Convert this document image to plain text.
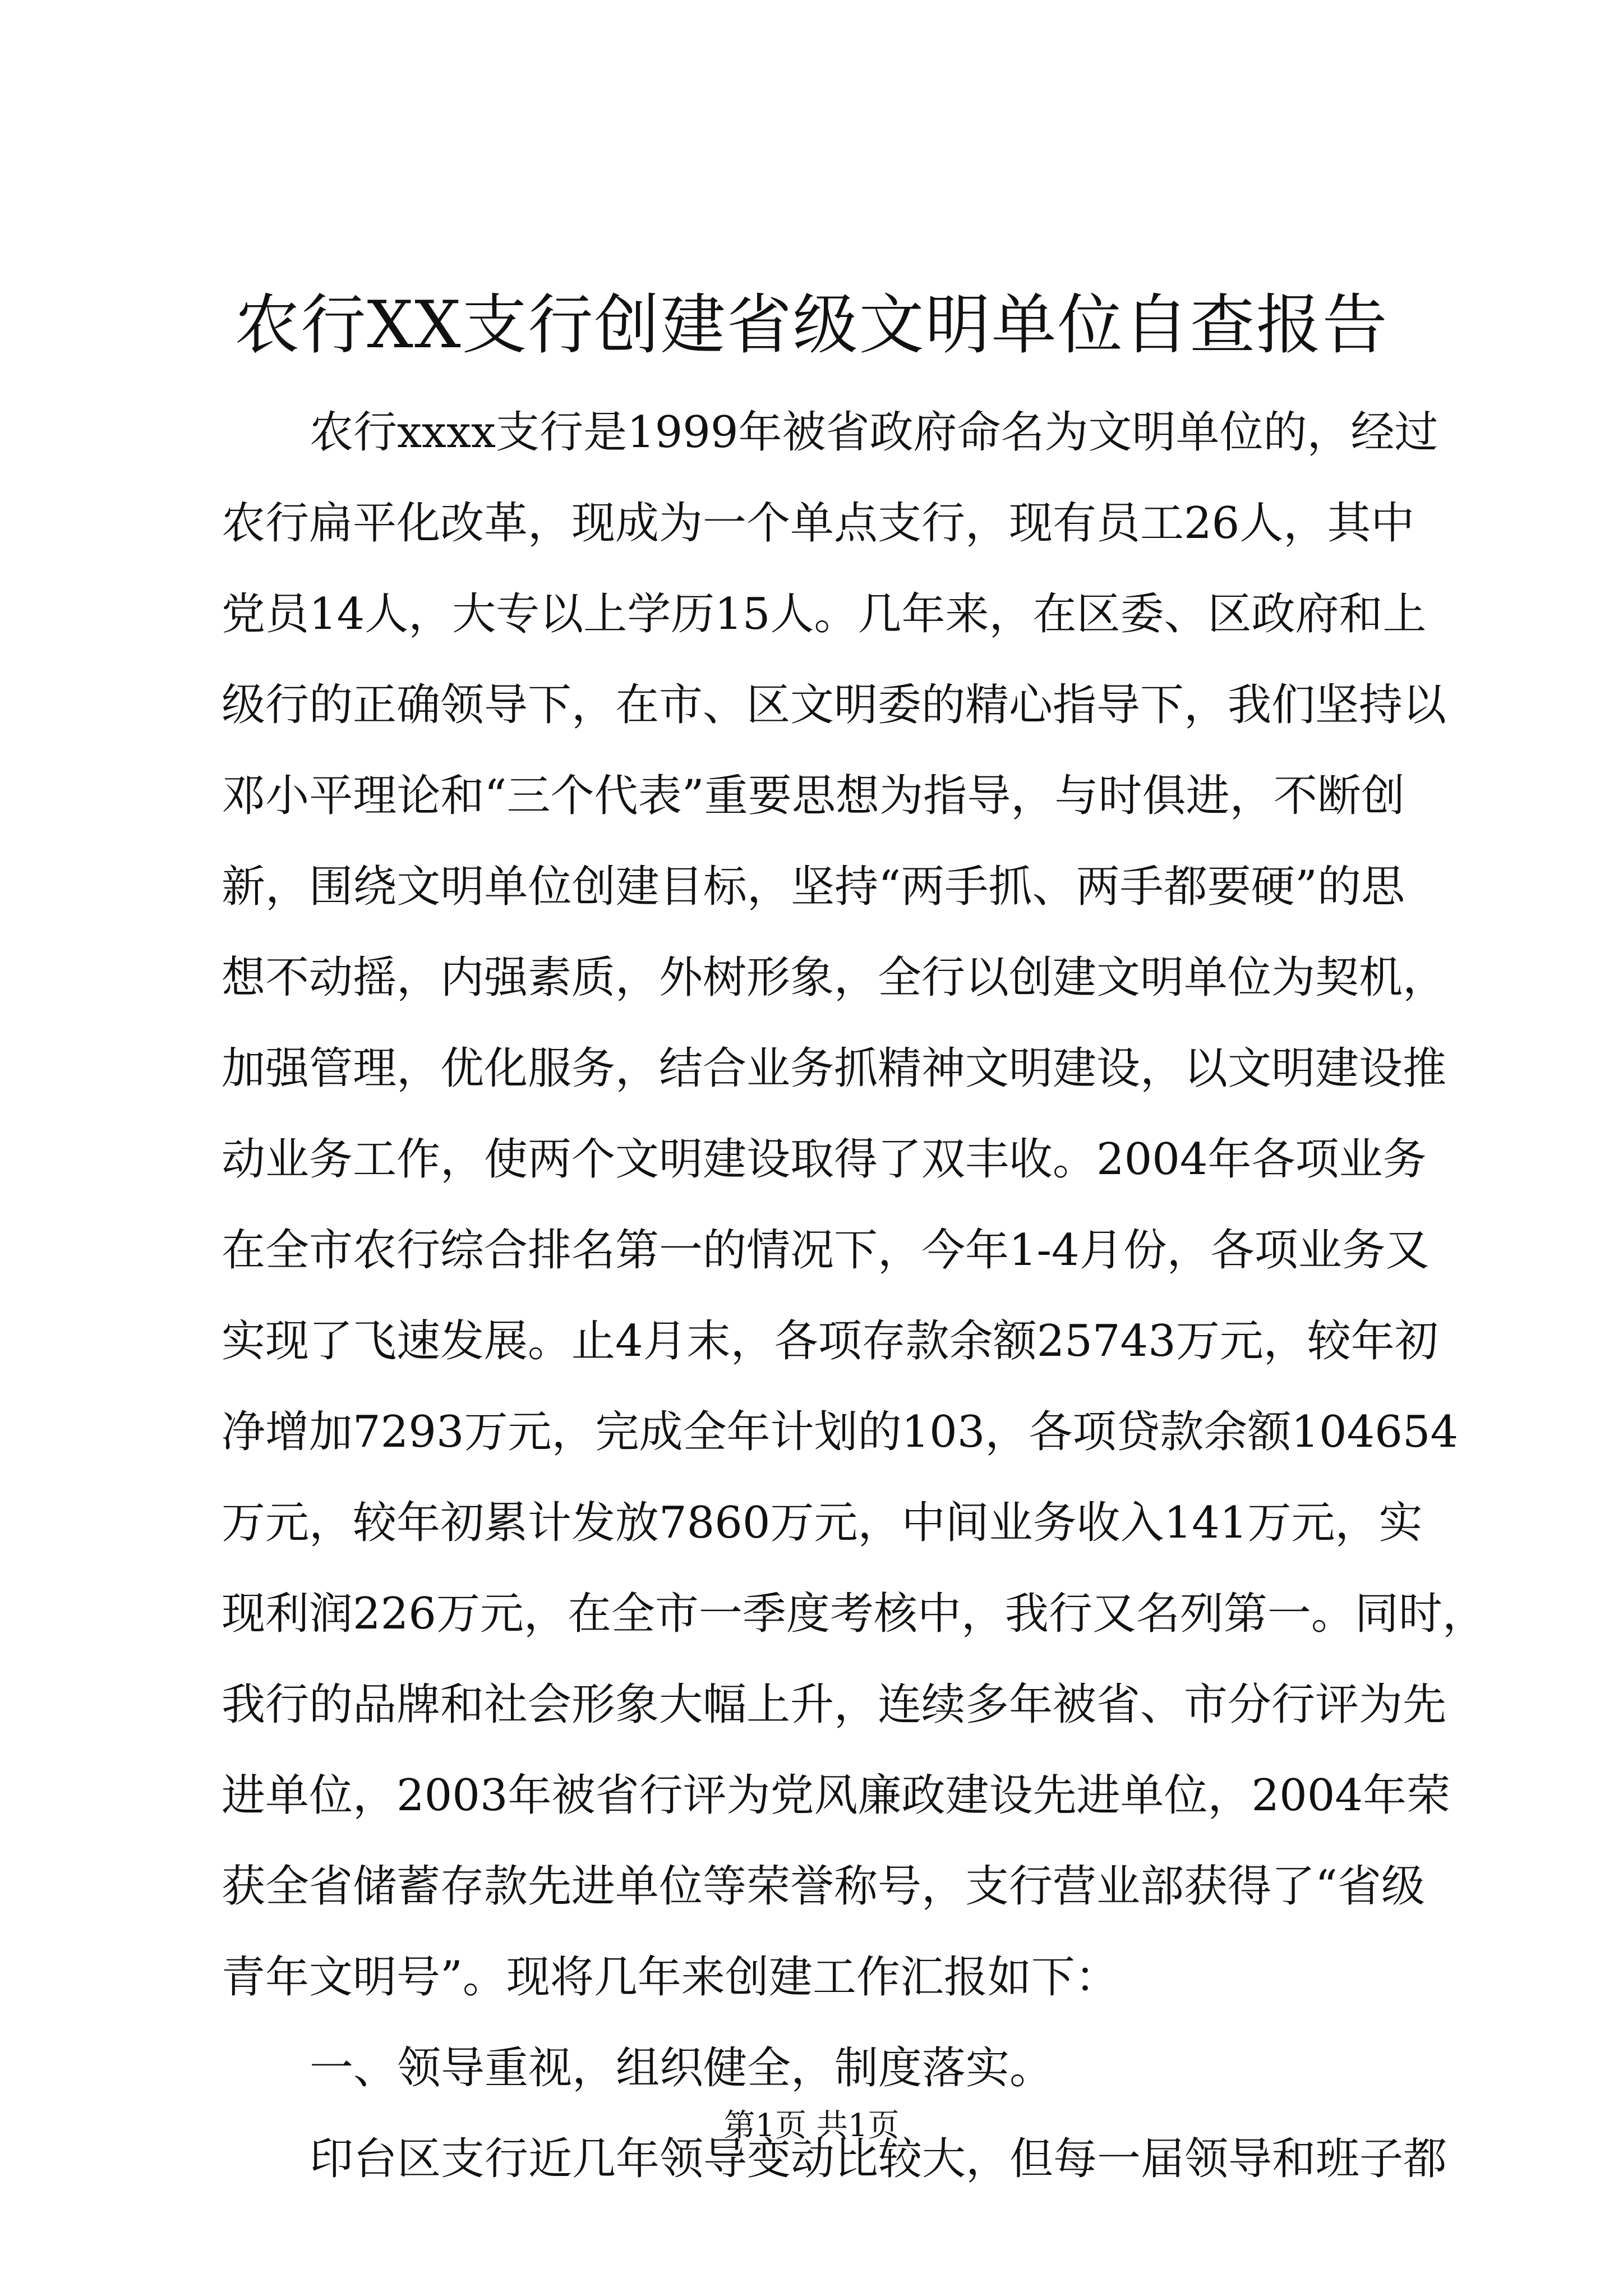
农行XX支行创建省级文明单位自查报告
农行xxxx支行是1999年被省政府命名为文明单位的，经过
农行扁平化改革，现成为一个单点支行，现有员工26人，其中
党员14人，大专以上学历15人。几年来，在区委、区政府和上
级行的正确领导下，在市、区文明委的精心指导下，我们坚持以
邓小平理论和“三个代表”重要思想为指导，与时俱进，不断创
新，围绕文明单位创建目标，坚持“两手抓、两手都要硬”的思
想不动摇，内强素质，外树形象，全行以创建文明单位为契机，
加强管理，优化服务，结合业务抓精神文明建设，以文明建设推
动业务工作，使两个文明建设取得了双丰收。2004年各项业务
在全市农行综合排名第一的情况下，今年1-4月份，各项业务又
实现了飞速发展。止4月末，各项存款余额25743万元，较年初
净增加7293万元，完成全年计划的103，各项贷款余额104654
万元，较年初累计发放7860万元，中间业务收入141万元，实
现利润226万元，在全市一季度考核中，我行又名列第一。同时，
我行的品牌和社会形象大幅上升，连续多年被省、市分行评为先
进单位，2003年被省行评为党风廉政建设先进单位，2004年荣
获全省储蓄存款先进单位等荣誉称号，支行营业部获得了“省级
青年文明号”。现将几年来创建工作汇报如下：
一、领导重视，组织健全，制度落实。
印台区支行近几年领导变动比较大，但每一届领导和班子都
第1页 共1页
